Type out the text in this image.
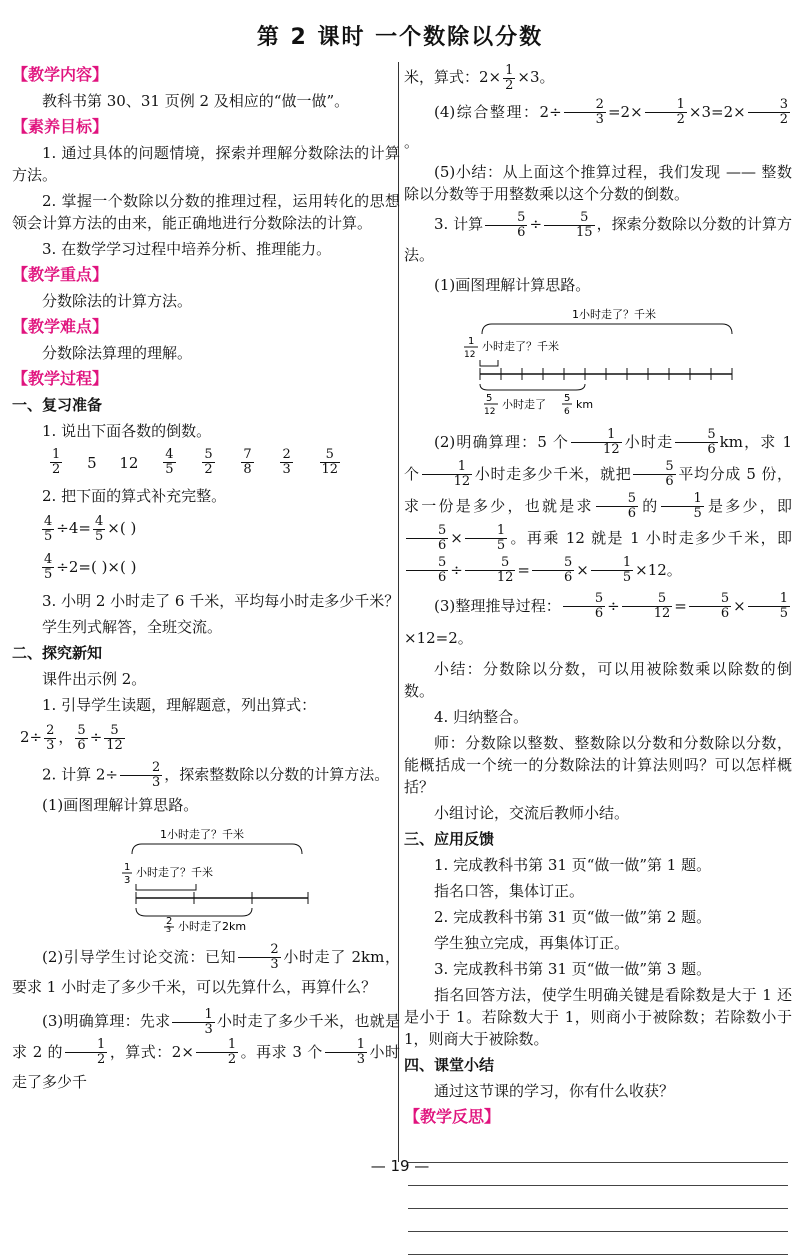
第 2 课时 一个数除以分数
【教学内容】

教科书第 30、31 页例 2 及相应的“做一做”。

【素养目标】

1. 通过具体的问题情境，探索并理解分数除法的计算方法。

2. 掌握一个数除以分数的推理过程，运用转化的思想领会计算方法的由来，能正确地进行分数除法的计算。

3. 在数学学习过程中培养分析、推理能力。

【教学重点】

分数除法的计算方法。

【教学难点】

分数除法算理的理解。

【教学过程】
一、复习准备

1. 说出下面各数的倒数。

$\frac{1}{2} 5$ $12 \frac{4}{5}$
$\frac{5}{2}$
$\frac{7}{8}$
$\frac{2}{3}$
$\frac{5}{12}$

2. 把下面的算式补充完整。

$\frac{4}{5} \div 4= \frac{4}{5}$ ×( )
$\frac{4}{5} \div 2=$( )×( )

3. 小明 2 小时走了 6 千米，平均每小时走多少千米？

学生列式解答，全班交流。

二、探究新知

课件出示例 2。

1. 引导学生读题，理解题意，列出算式：

$2\div \frac{2}{3}$ ， $\frac{5}{6} \div \frac{5}{12}$
2. 计算 $2\div \frac{2}{3}$ ，探索整数除以分数的计算方法。

(1)画图理解计算思路。

1小时走了？千米
1
3
小时走了？千米
2
3 小时走了2km
(2)引导学生讨论交流：已知 $\frac{2}{3}$ 小时走了 2km，要求 1 小时走了多少千米，可以先算什么，再算什么？
(3)明确算理：先求 $\frac{1}{3}$ 小时走了多少千米，也就是求 2 的 $\frac{1}{2}$ ，算式：$2\times \frac{1}{2}$ 。再求 3 个 $\frac{1}{3}$ 小时走了多少千
米，算式：$2\times \frac{1}{2} \times 3$。
(4)综合整理：$2\div \frac{2}{3} =2\times \frac{1}{2} \times 3=2\times \frac{3}{2}$
。

(5)小结：从上面这个推算过程，我们发现 —— 整数除以分数等于用整数乘以这个分数的倒数。

3. 计算 $\frac{5}{6} \div \frac{5}{15}$ ，探索分数除以分数的计算方法。

(1)画图理解计算思路。

1小时走了？千米
1
12
小时走了？千米
5
12
小时走了 5
6
km
(2)明确算理：5 个 $\frac{1}{12}$ 小时走 $\frac{5}{6}$ km，求 1 个 $\frac{1}{12}$ 小时走多少千米，就把 $\frac{5}{6}$ 平均分成 5 份，求一份是多少，也就是求 $\frac{5}{6}$ 的 $\frac{1}{5}$ 是多少，即
$\frac{5}{6} \times \frac{1}{5}$ 。再乘 12 就是 1 小时走多少千米，即
$\frac{5}{6} \div \frac{5}{12} = \frac{5}{6} \times \frac{1}{5} \times 12$。
(3)整理推导过程： $\frac{5}{6} \div \frac{5}{12} = \frac{5}{6} \times \frac{1}{5}$
×12=2。

小结：分数除以分数，可以用被除数乘以除数的倒数。

4. 归纳整合。

师：分数除以整数、整数除以分数和分数除以分数，能概括成一个统一的分数除法的计算法则吗？可以怎样概括？

小组讨论，交流后教师小结。

三、应用反馈

1. 完成教科书第 31 页“做一做”第 1 题。

指名口答，集体订正。

2. 完成教科书第 31 页“做一做”第 2 题。

学生独立完成，再集体订正。

3. 完成教科书第 31 页“做一做”第 3 题。

指名回答方法，使学生明确关键是看除数是大于 1 还是小于 1。若除数大于 1，则商小于被除数；若除数小于 1，则商大于被除数。

四、课堂小结

通过这节课的学习，你有什么收获？

【教学反思】
— 19 —
